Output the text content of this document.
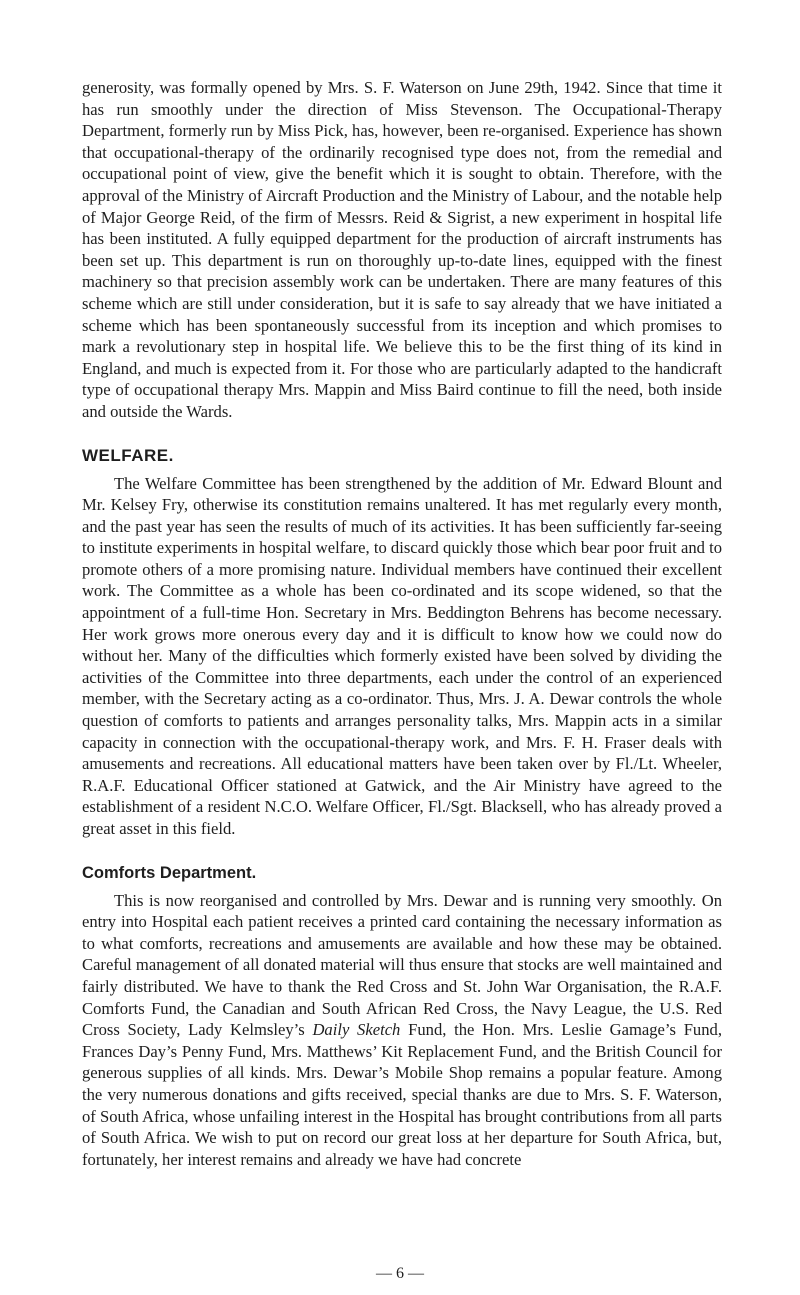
generosity, was formally opened by Mrs. S. F. Waterson on June 29th, 1942. Since that time it has run smoothly under the direction of Miss Stevenson. The Occupational-Therapy Department, formerly run by Miss Pick, has, however, been re-organised. Experience has shown that occupational-therapy of the ordinarily recognised type does not, from the remedial and occupational point of view, give the benefit which it is sought to obtain. Therefore, with the approval of the Ministry of Aircraft Production and the Ministry of Labour, and the notable help of Major George Reid, of the firm of Messrs. Reid & Sigrist, a new experiment in hospital life has been instituted. A fully equipped department for the production of aircraft instruments has been set up. This department is run on thoroughly up-to-date lines, equipped with the finest machinery so that precision assembly work can be undertaken. There are many features of this scheme which are still under consideration, but it is safe to say already that we have initiated a scheme which has been spontaneously successful from its inception and which promises to mark a revolutionary step in hospital life. We believe this to be the first thing of its kind in England, and much is expected from it. For those who are particularly adapted to the handicraft type of occupational therapy Mrs. Mappin and Miss Baird continue to fill the need, both inside and outside the Wards.

WELFARE.

The Welfare Committee has been strengthened by the addition of Mr. Edward Blount and Mr. Kelsey Fry, otherwise its constitution remains unaltered. It has met regularly every month, and the past year has seen the results of much of its activities. It has been sufficiently far-seeing to institute experiments in hospital welfare, to discard quickly those which bear poor fruit and to promote others of a more promising nature. Individual members have continued their excellent work. The Committee as a whole has been co-ordinated and its scope widened, so that the appointment of a full-time Hon. Secretary in Mrs. Beddington Behrens has become necessary. Her work grows more onerous every day and it is difficult to know how we could now do without her. Many of the difficulties which formerly existed have been solved by dividing the activities of the Committee into three departments, each under the control of an experienced member, with the Secretary acting as a co-ordinator. Thus, Mrs. J. A. Dewar controls the whole question of comforts to patients and arranges personality talks, Mrs. Mappin acts in a similar capacity in connection with the occupational-therapy work, and Mrs. F. H. Fraser deals with amusements and recreations. All educational matters have been taken over by Fl./Lt. Wheeler, R.A.F. Educational Officer stationed at Gatwick, and the Air Ministry have agreed to the establishment of a resident N.C.O. Welfare Officer, Fl./Sgt. Blacksell, who has already proved a great asset in this field.

Comforts Department.

This is now reorganised and controlled by Mrs. Dewar and is running very smoothly. On entry into Hospital each patient receives a printed card containing the necessary information as to what comforts, recreations and amusements are available and how these may be obtained. Careful management of all donated material will thus ensure that stocks are well maintained and fairly distributed. We have to thank the Red Cross and St. John War Organisation, the R.A.F. Comforts Fund, the Canadian and South African Red Cross, the Navy League, the U.S. Red Cross Society, Lady Kelmsley’s Daily Sketch Fund, the Hon. Mrs. Leslie Gamage’s Fund, Frances Day’s Penny Fund, Mrs. Matthews’ Kit Replacement Fund, and the British Council for generous supplies of all kinds. Mrs. Dewar’s Mobile Shop remains a popular feature. Among the very numerous donations and gifts received, special thanks are due to Mrs. S. F. Waterson, of South Africa, whose unfailing interest in the Hospital has brought contributions from all parts of South Africa. We wish to put on record our great loss at her departure for South Africa, but, fortunately, her interest remains and already we have had concrete

— 6 —
